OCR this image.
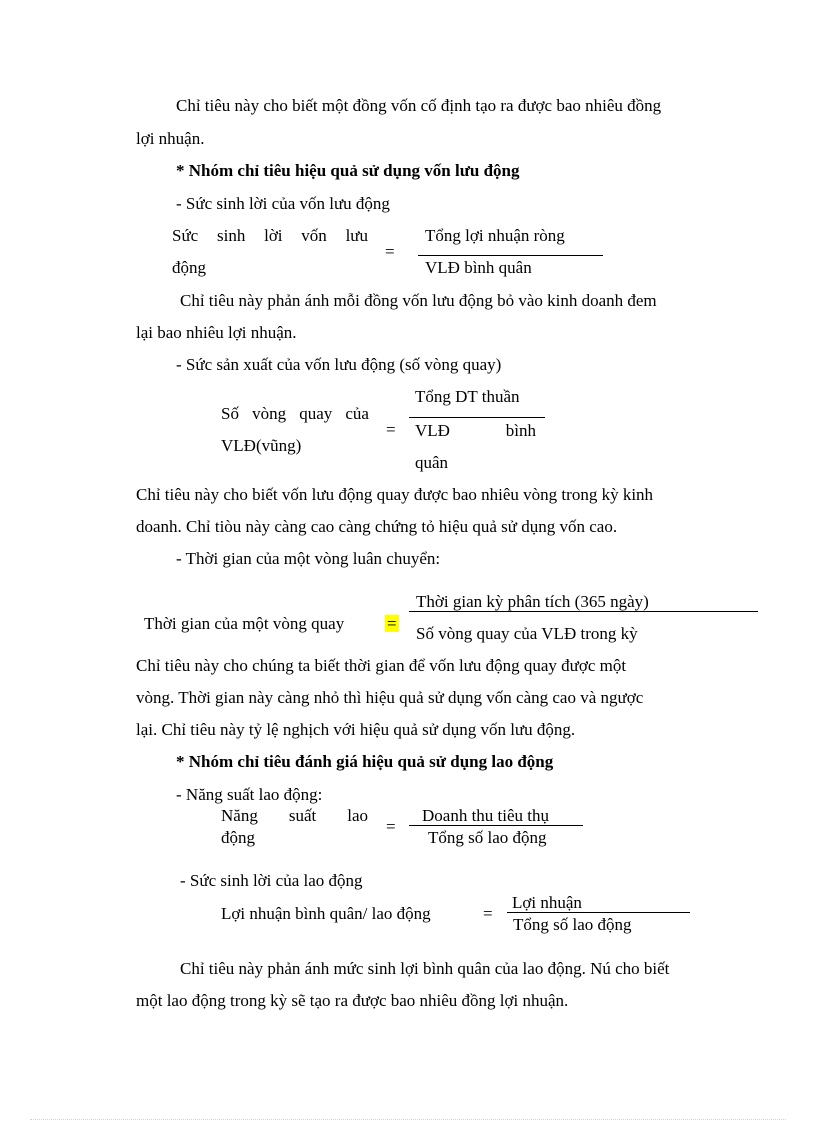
Chỉ tiêu này cho biết một đồng vốn cố định tạo ra được bao nhiêu đồng
lợi nhuận.
* Nhóm chỉ tiêu hiệu quả sử dụng vốn lưu động
- Sức sinh lời của vốn lưu động
Sức sinh lời vốn lưu
động
=
Tổng lợi nhuận ròng
VLĐ bình quân
Chỉ tiêu này phản ánh mỗi đồng vốn lưu động bỏ vào kinh doanh đem
lại bao nhiêu lợi nhuận.
- Sức sản xuất của vốn lưu động (số vòng quay)
Số vòng quay của
VLĐ(vũng)
=
Tổng DT thuần
VLĐ	bình
quân
Chỉ tiêu này cho biết vốn lưu động quay được bao nhiêu vòng trong kỳ kinh
doanh. Chỉ tiòu này càng cao càng chứng tỏ hiệu quả sử dụng vốn cao.
- Thời gian của một vòng luân chuyển:
Thời gian của một vòng quay	=
Thời gian kỳ phân tích (365 ngày)
Số vòng quay của VLĐ trong kỳ
Chỉ tiêu này cho chúng ta biết thời gian để vốn lưu động quay được một
vòng. Thời gian này càng nhỏ thì hiệu quả sử dụng vốn càng cao và ngược
lại. Chỉ tiêu này tỷ lệ nghịch với hiệu quả sử dụng vốn lưu động.
* Nhóm chỉ tiêu đánh giá hiệu quả sử dụng lao động
- Năng suất lao động:
Năng suất lao
động
=
Doanh thu tiêu thụ
Tổng số lao động
- Sức sinh lời của lao động
Lợi nhuận bình quân/ lao động	=
Lợi nhuận
Tổng số lao động
Chỉ tiêu này phản ánh mức sinh lợi bình quân của lao động. Nú cho biết
một lao động trong kỳ sẽ tạo ra được bao nhiêu đồng lợi nhuận.
